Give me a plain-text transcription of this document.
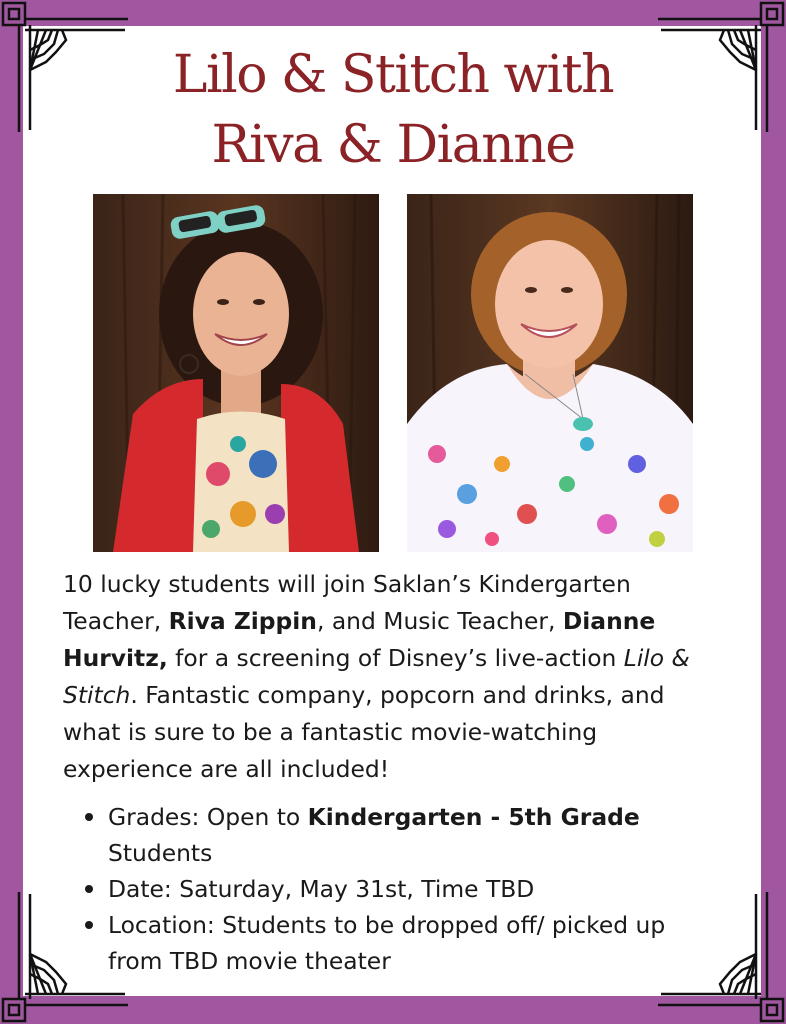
Lilo & Stitch with
Riva & Dianne
10 lucky students will join Saklan’s Kindergarten Teacher, Riva Zippin, and Music Teacher, Dianne Hurvitz, for a screening of Disney’s live-action Lilo & Stitch. Fantastic company, popcorn and drinks, and what is sure to be a fantastic movie-watching experience are all included!
Grades: Open to Kindergarten - 5th Grade Students
Date: Saturday, May 31st, Time TBD
Location: Students to be dropped off/ picked up from TBD movie theater
